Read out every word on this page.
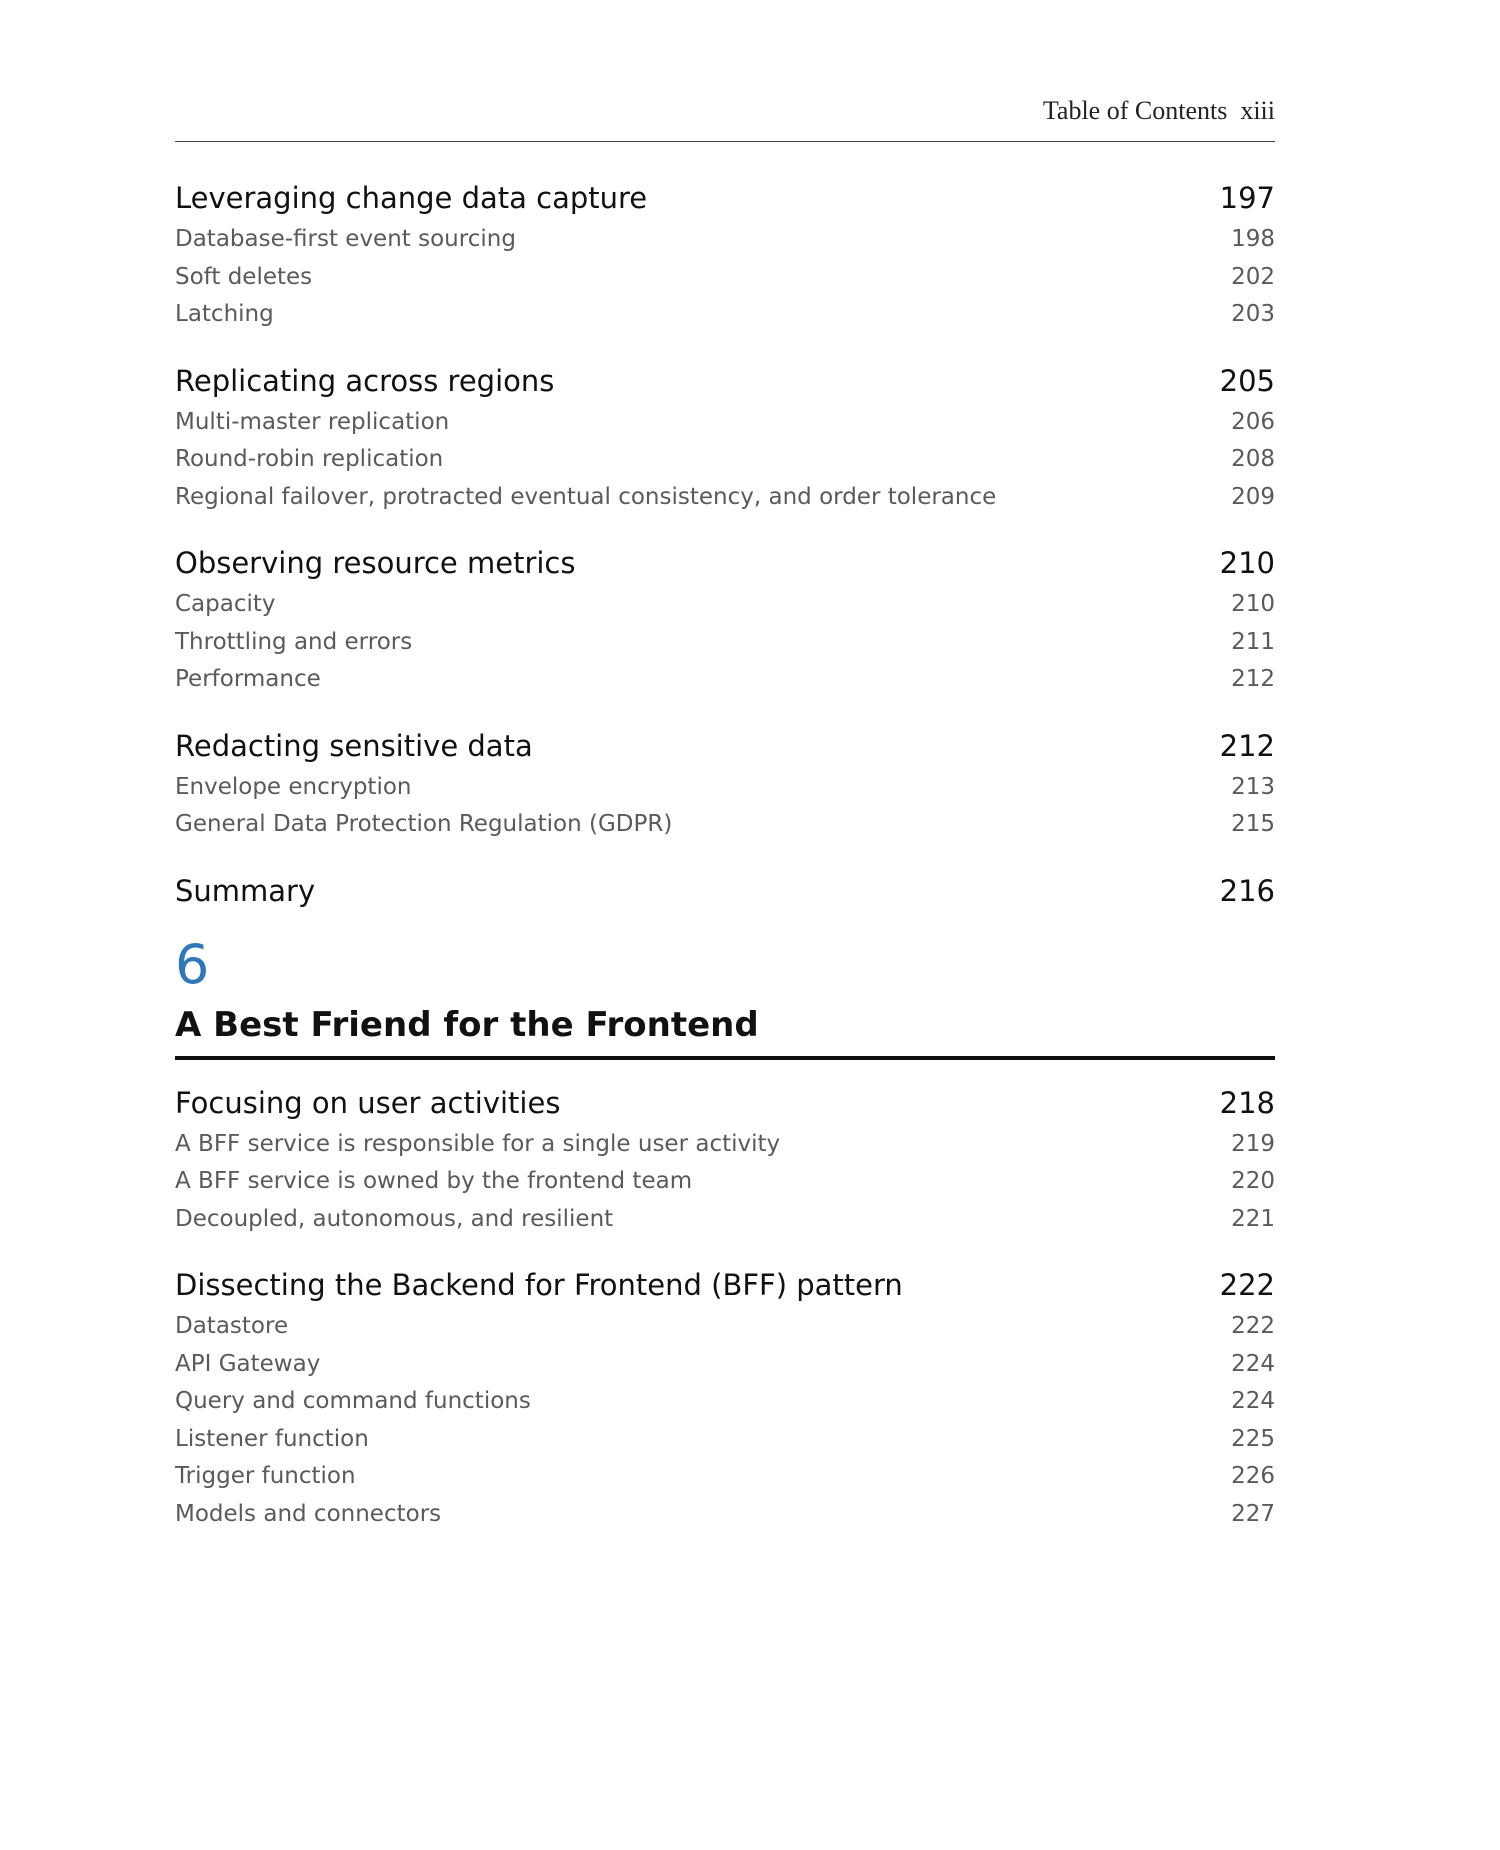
Table of Contents xiii
Leveraging change data capture	197
Database-first event sourcing	198
Soft deletes	202
Latching	203
Replicating across regions	205
Multi-master replication	206
Round-robin replication	208
Regional failover, protracted eventual consistency, and order tolerance	209
Observing resource metrics	210
Capacity	210
Throttling and errors	211
Performance	212
Redacting sensitive data	212
Envelope encryption	213
General Data Protection Regulation (GDPR)	215
Summary	216
6
A Best Friend for the Frontend
Focusing on user activities	218
A BFF service is responsible for a single user activity	219
A BFF service is owned by the frontend team	220
Decoupled, autonomous, and resilient	221
Dissecting the Backend for Frontend (BFF) pattern	222
Datastore	222
API Gateway	224
Query and command functions	224
Listener function	225
Trigger function	226
Models and connectors	227
